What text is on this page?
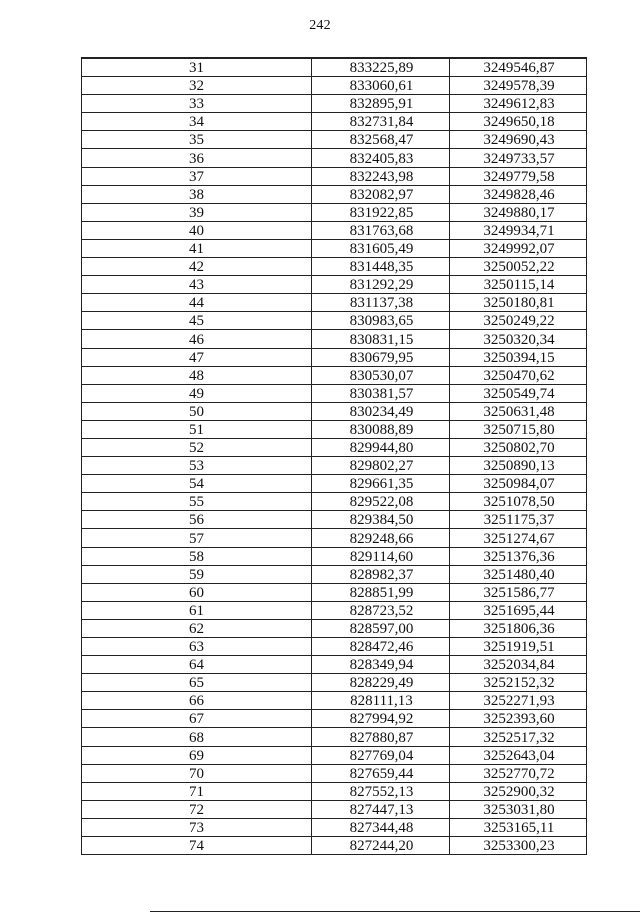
242
31	833225,89	3249546,87
32	833060,61	3249578,39
33	832895,91	3249612,83
34	832731,84	3249650,18
35	832568,47	3249690,43
36	832405,83	3249733,57
37	832243,98	3249779,58
38	832082,97	3249828,46
39	831922,85	3249880,17
40	831763,68	3249934,71
41	831605,49	3249992,07
42	831448,35	3250052,22
43	831292,29	3250115,14
44	831137,38	3250180,81
45	830983,65	3250249,22
46	830831,15	3250320,34
47	830679,95	3250394,15
48	830530,07	3250470,62
49	830381,57	3250549,74
50	830234,49	3250631,48
51	830088,89	3250715,80
52	829944,80	3250802,70
53	829802,27	3250890,13
54	829661,35	3250984,07
55	829522,08	3251078,50
56	829384,50	3251175,37
57	829248,66	3251274,67
58	829114,60	3251376,36
59	828982,37	3251480,40
60	828851,99	3251586,77
61	828723,52	3251695,44
62	828597,00	3251806,36
63	828472,46	3251919,51
64	828349,94	3252034,84
65	828229,49	3252152,32
66	828111,13	3252271,93
67	827994,92	3252393,60
68	827880,87	3252517,32
69	827769,04	3252643,04
70	827659,44	3252770,72
71	827552,13	3252900,32
72	827447,13	3253031,80
73	827344,48	3253165,11
74	827244,20	3253300,23
